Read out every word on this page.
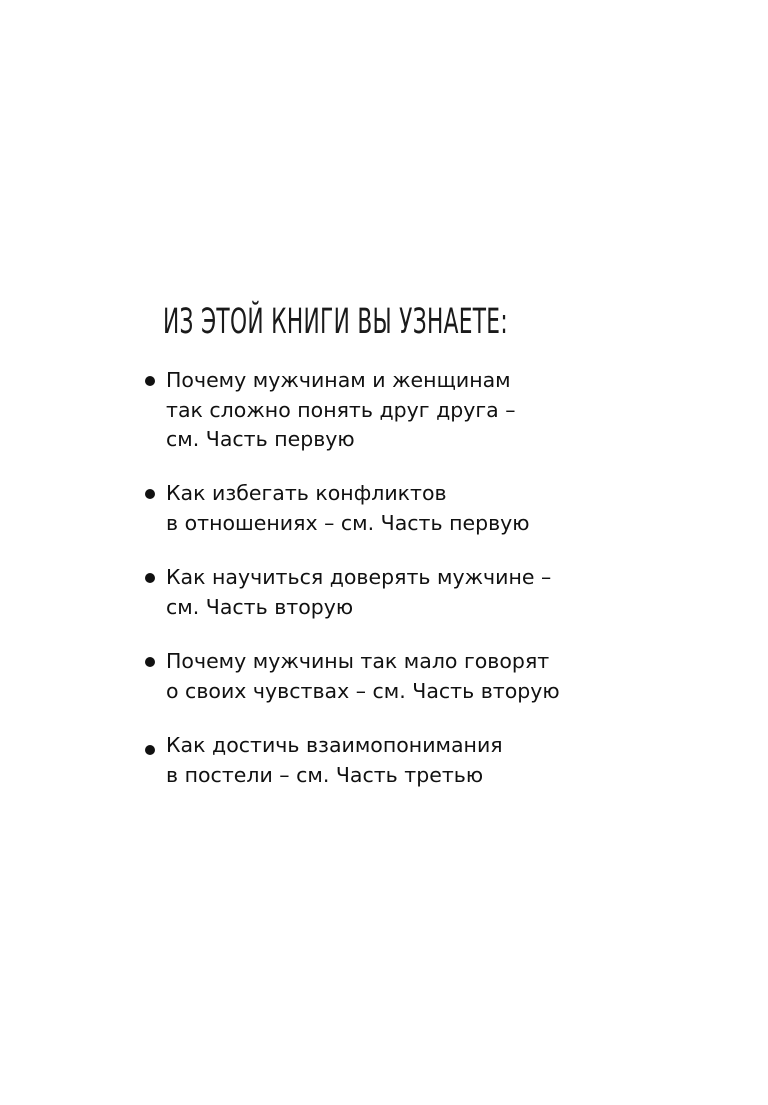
ИЗ ЭТОЙ КНИГИ ВЫ УЗНАЕТЕ:
Почему мужчинам и женщинам
так сложно понять друг друга –
см. Часть первую
Как избегать конфликтов
в отношениях – см. Часть первую
Как научиться доверять мужчине –
см. Часть вторую
Почему мужчины так мало говорят
о своих чувствах – см. Часть вторую
Как достичь взаимопонимания
в постели – см. Часть третью
